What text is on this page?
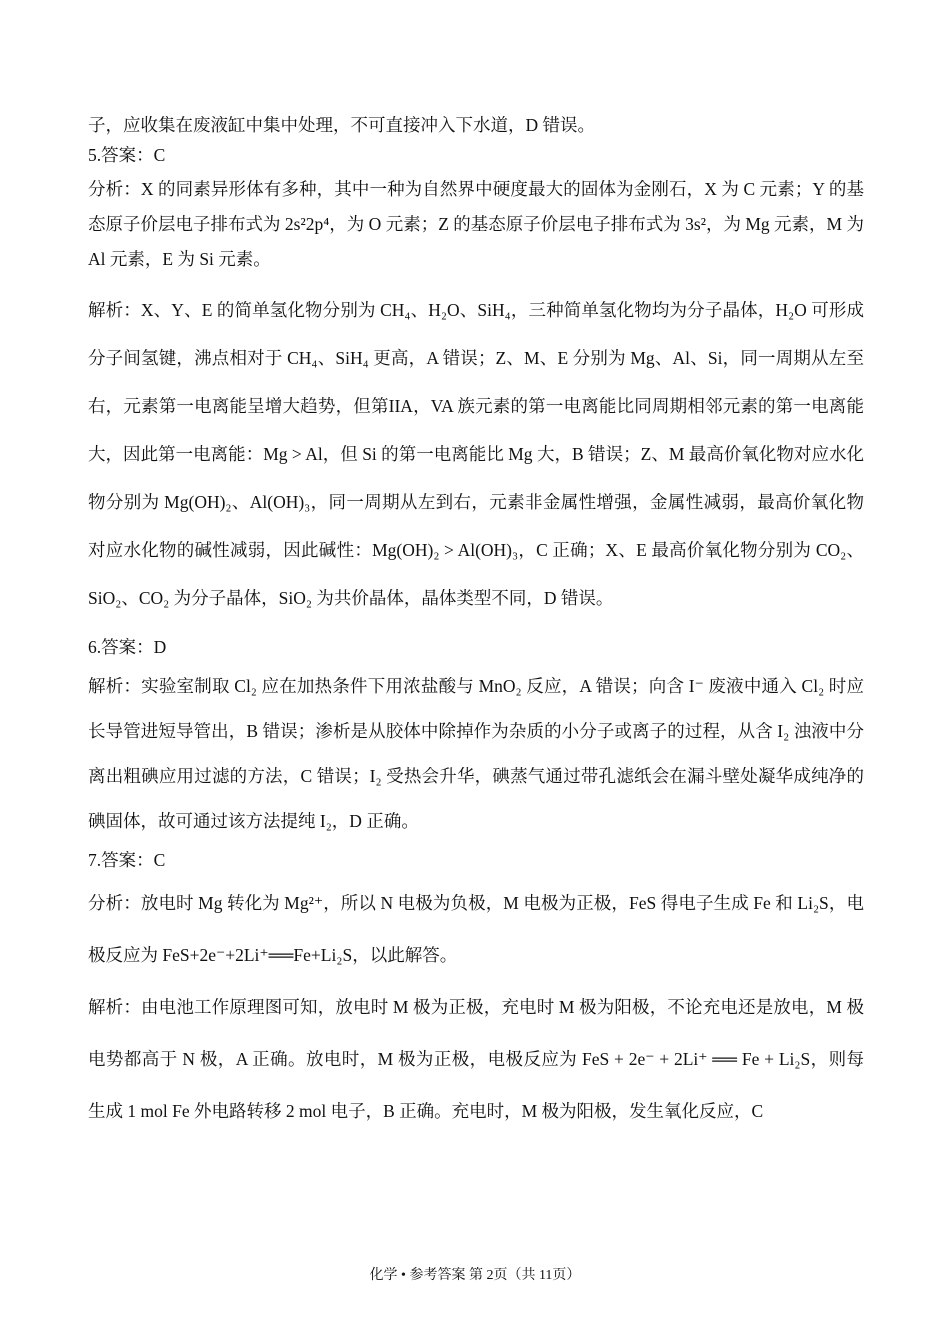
子，应收集在废液缸中集中处理，不可直接冲入下水道，D 错误。

5.答案：C

分析：X 的同素异形体有多种，其中一种为自然界中硬度最大的固体为金刚石，X 为 C 元素；Y 的基态原子价层电子排布式为 2s²2p⁴，为 O 元素；Z 的基态原子价层电子排布式为 3s²，为 Mg 元素，M 为 Al 元素，E 为 Si 元素。

解析：X、Y、E 的简单氢化物分别为 CH₄、H₂O、SiH₄，三种简单氢化物均为分子晶体，H₂O 可形成分子间氢键，沸点相对于 CH₄、SiH₄ 更高，A 错误；Z、M、E 分别为 Mg、Al、Si，同一周期从左至右，元素第一电离能呈增大趋势，但第IIA，VA 族元素的第一电离能比同周期相邻元素的第一电离能大，因此第一电离能：Mg > Al，但 Si 的第一电离能比 Mg 大，B 错误；Z、M 最高价氧化物对应水化物分别为 Mg(OH)₂、Al(OH)₃，同一周期从左到右，元素非金属性增强，金属性减弱，最高价氧化物对应水化物的碱性减弱，因此碱性：Mg(OH)₂ > Al(OH)₃，C 正确；X、E 最高价氧化物分别为 CO₂、SiO₂、CO₂ 为分子晶体，SiO₂ 为共价晶体，晶体类型不同，D 错误。

6.答案：D

解析：实验室制取 Cl₂ 应在加热条件下用浓盐酸与 MnO₂ 反应，A 错误；向含 I⁻ 废液中通入 Cl₂ 时应长导管进短导管出，B 错误；渗析是从胶体中除掉作为杂质的小分子或离子的过程，从含 I₂ 浊液中分离出粗碘应用过滤的方法，C 错误；I₂ 受热会升华，碘蒸气通过带孔滤纸会在漏斗壁处凝华成纯净的碘固体，故可通过该方法提纯 I₂，D 正确。

7.答案：C

分析：放电时 Mg 转化为 Mg²⁺，所以 N 电极为负极，M 电极为正极，FeS 得电子生成 Fe 和 Li₂S，电极反应为 FeS+2e⁻+2Li⁺══Fe+Li₂S，以此解答。

解析：由电池工作原理图可知，放电时 M 极为正极，充电时 M 极为阳极，不论充电还是放电，M 极电势都高于 N 极，A 正确。放电时，M 极为正极，电极反应为 FeS + 2e⁻ + 2Li⁺ ══ Fe + Li₂S，则每生成 1 mol Fe 外电路转移 2 mol 电子，B 正确。充电时，M 极为阳极，发生氧化反应，C

化学 • 参考答案 第 2页（共 11页）
